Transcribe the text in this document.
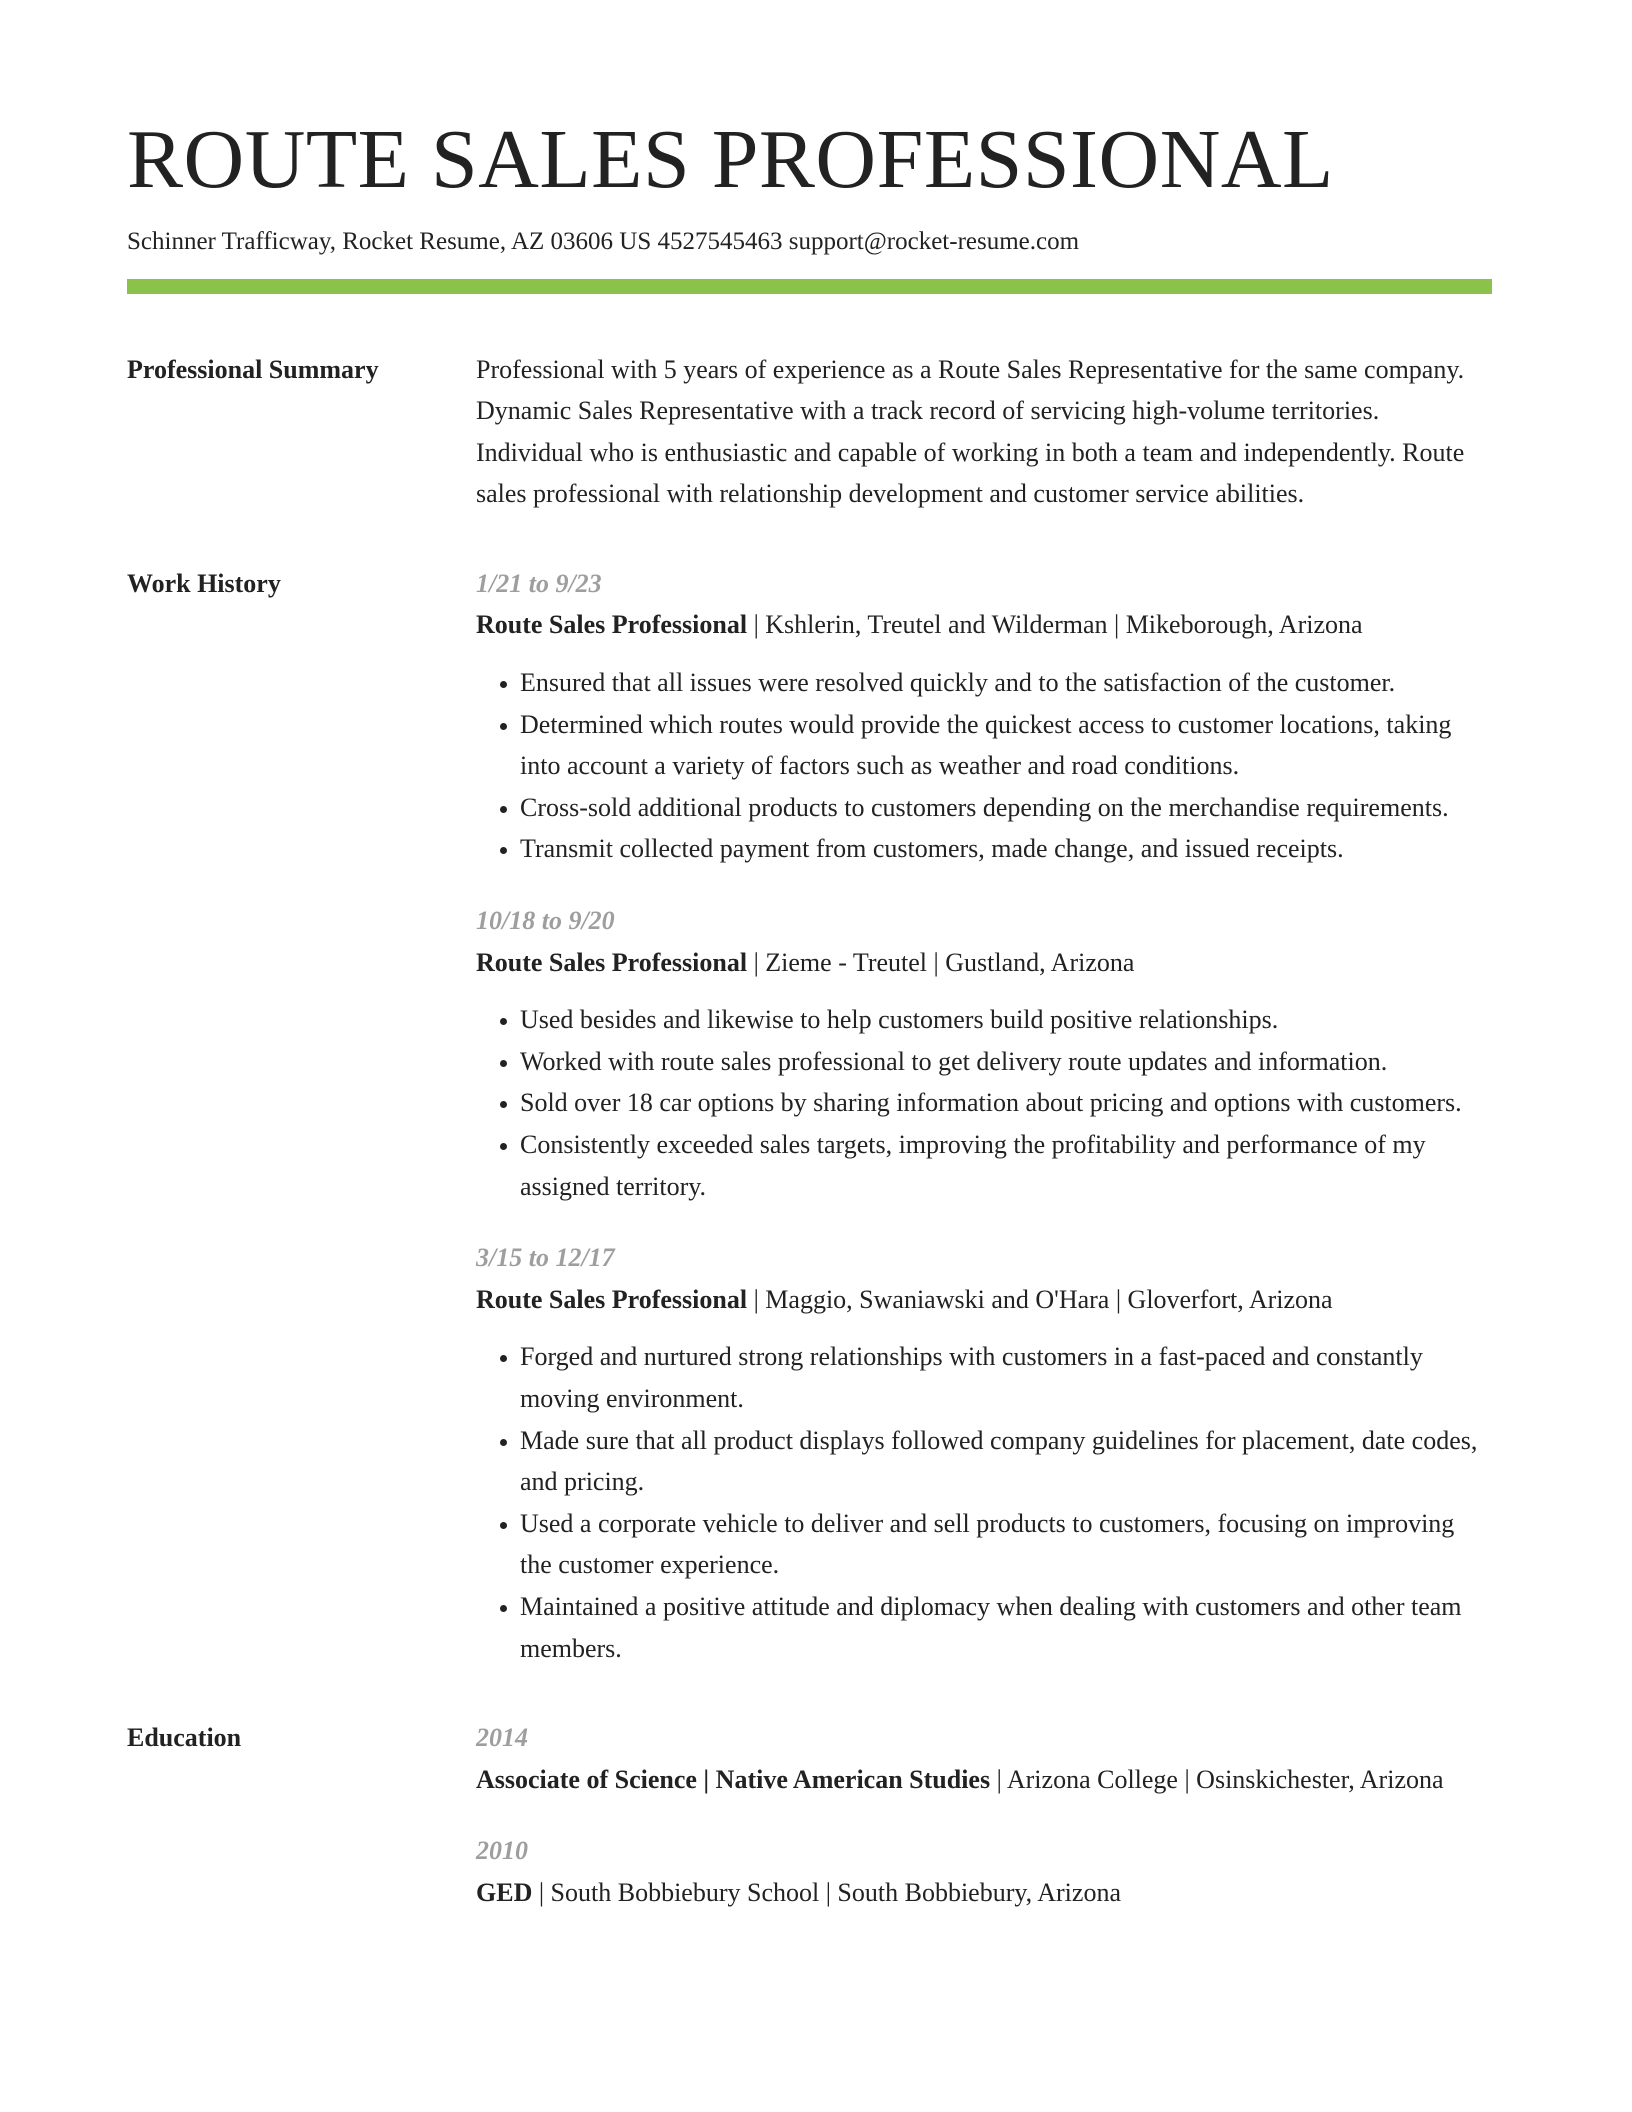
ROUTE SALES PROFESSIONAL
Schinner Trafficway, Rocket Resume, AZ 03606 US 4527545463 support@rocket-resume.com
Professional Summary	Professional with 5 years of experience as a Route Sales Representative for the same company. Dynamic Sales Representative with a track record of servicing high-volume territories. Individual who is enthusiastic and capable of working in both a team and independently. Route sales professional with relationship development and customer service abilities.

Work History	1/21 to 9/23

Route Sales Professional | Kshlerin, Treutel and Wilderman | Mikeborough, Arizona

• Ensured that all issues were resolved quickly and to the satisfaction of the customer.
• Determined which routes would provide the quickest access to customer locations, taking into account a variety of factors such as weather and road conditions.
• Cross-sold additional products to customers depending on the merchandise requirements.
• Transmit collected payment from customers, made change, and issued receipts.
10/18 to 9/20

Route Sales Professional | Zieme - Treutel | Gustland, Arizona

• Used besides and likewise to help customers build positive relationships.
• Worked with route sales professional to get delivery route updates and information.
• Sold over 18 car options by sharing information about pricing and options with customers.
• Consistently exceeded sales targets, improving the profitability and performance of my assigned territory.
3/15 to 12/17

Route Sales Professional | Maggio, Swaniawski and O'Hara | Gloverfort, Arizona

• Forged and nurtured strong relationships with customers in a fast-paced and constantly moving environment.
• Made sure that all product displays followed company guidelines for placement, date codes, and pricing.
• Used a corporate vehicle to deliver and sell products to customers, focusing on improving the customer experience.
• Maintained a positive attitude and diplomacy when dealing with customers and other team members.
Education	2014

Associate of Science | Native American Studies | Arizona College | Osinskichester, Arizona

2010

GED | South Bobbiebury School | South Bobbiebury, Arizona
